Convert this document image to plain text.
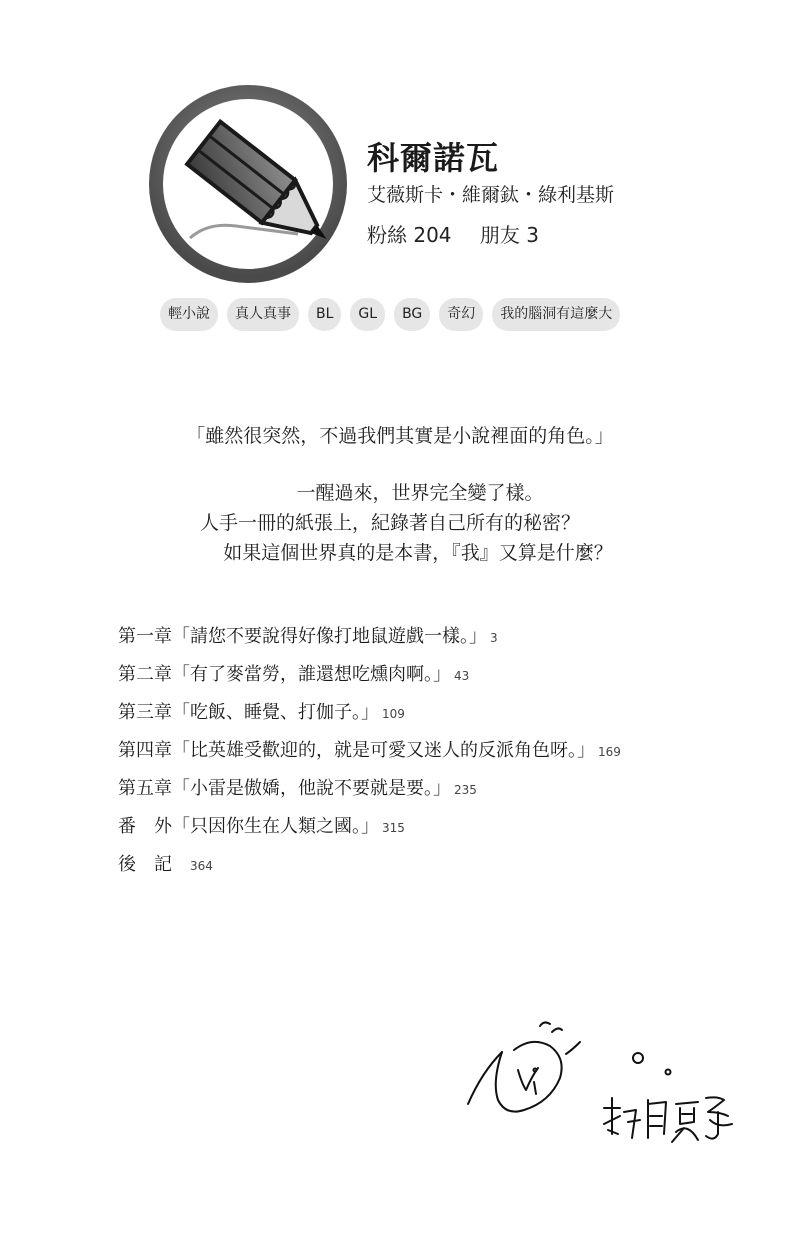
科爾諾瓦
艾薇斯卡・維爾鈦・綠利基斯
粉絲 204 朋友 3
輕小說	真人真事	BL	GL	BG	奇幻	我的腦洞有這麼大
「雖然很突然，不過我們其實是小說裡面的角色。」
一醒過來，世界完全變了樣。
人手一冊的紙張上，紀錄著自己所有的秘密？
如果這個世界真的是本書，『我』又算是什麼？
第一章「請您不要說得好像打地鼠遊戲一樣。」 3
第二章「有了麥當勞，誰還想吃燻肉啊。」 43
第三章「吃飯、睡覺、打伽子。」 109
第四章「比英雄受歡迎的，就是可愛又迷人的反派角色呀。」 169
第五章「小雷是傲嬌，他說不要就是要。」 235
番　外「只因你生在人類之國。」 315
後　記 364
